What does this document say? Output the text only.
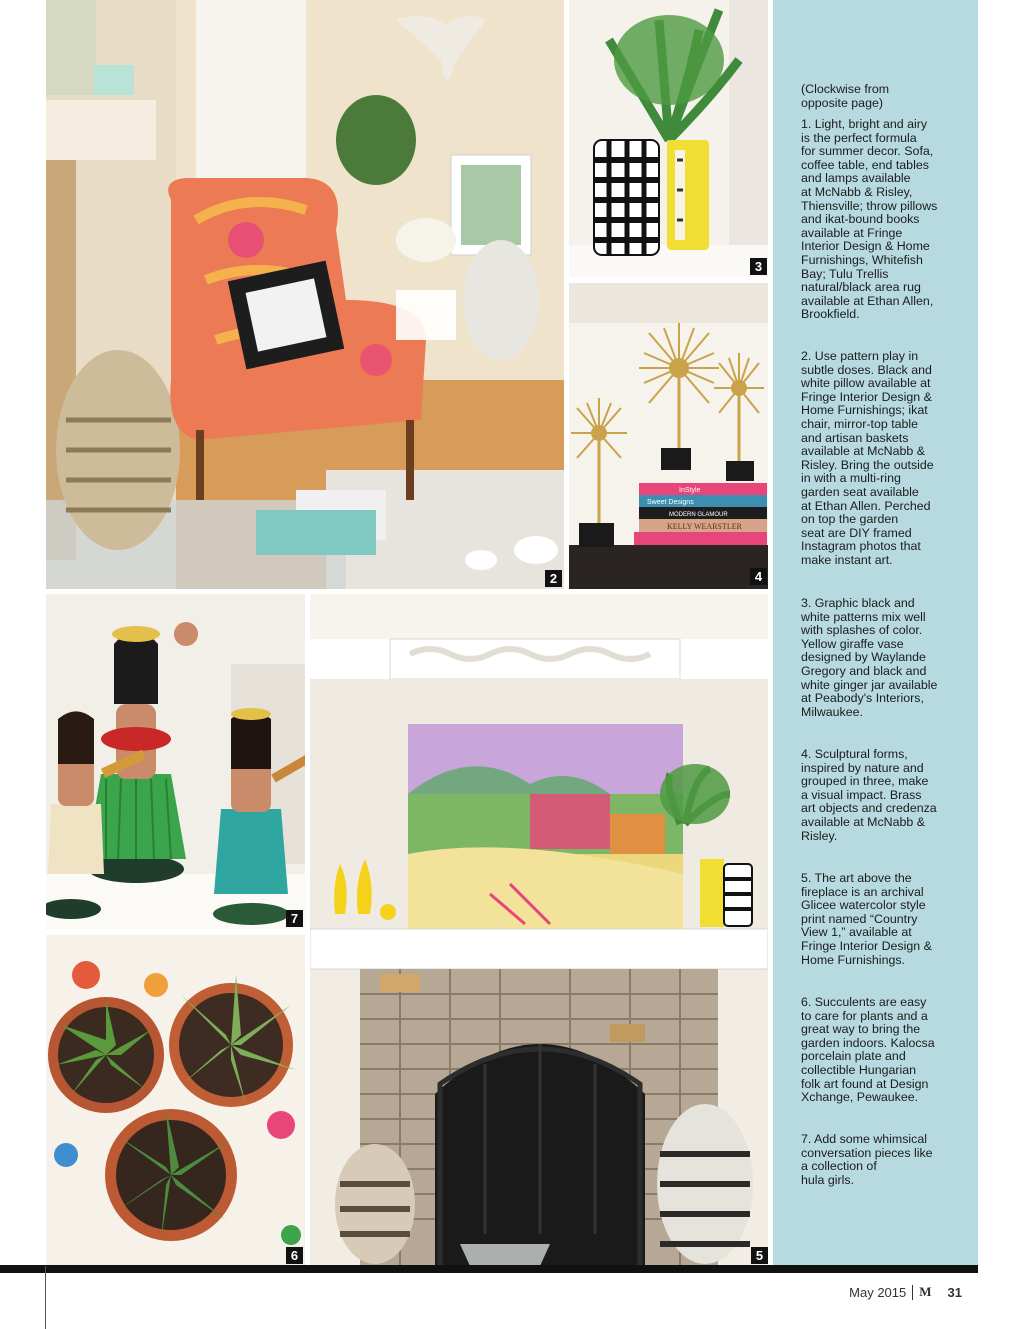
2
3
InStyle
Sweet Designs
MODERN GLAMOUR
KELLY WEARSTLER
4
7
6	5
(Clockwise from
opposite page)
1. Light, bright and airy
is the perfect formula
for summer decor. Sofa,
coffee table, end tables
and lamps available
at McNabb & Risley,
Thiensville; throw pillows
and ikat-bound books
available at Fringe
Interior Design & Home
Furnishings, Whitefish
Bay; Tulu Trellis
natural/black area rug
available at Ethan Allen,
Brookfield.
2. Use pattern play in
subtle doses. Black and
white pillow available at
Fringe Interior Design &
Home Furnishings; ikat
chair, mirror-top table
and artisan baskets
available at McNabb &
Risley. Bring the outside
in with a multi-ring
garden seat available
at Ethan Allen. Perched
on top the garden
seat are DIY framed
Instagram photos that
make instant art.
3. Graphic black and
white patterns mix well
with splashes of color.
Yellow giraffe vase
designed by Waylande
Gregory and black and
white ginger jar available
at Peabody's Interiors,
Milwaukee.
4. Sculptural forms,
inspired by nature and
grouped in three, make
a visual impact. Brass
art objects and credenza
available at McNabb &
Risley.
5. The art above the
fireplace is an archival
Glicee watercolor style
print named “Country
View 1,” available at
Fringe Interior Design &
Home Furnishings.
6. Succulents are easy
to care for plants and a
great way to bring the
garden indoors. Kalocsa
porcelain plate and
collectible Hungarian
folk art found at Design
Xchange, Pewaukee.
7. Add some whimsical
conversation pieces like
a collection of
hula girls.
May 2015 M 31
